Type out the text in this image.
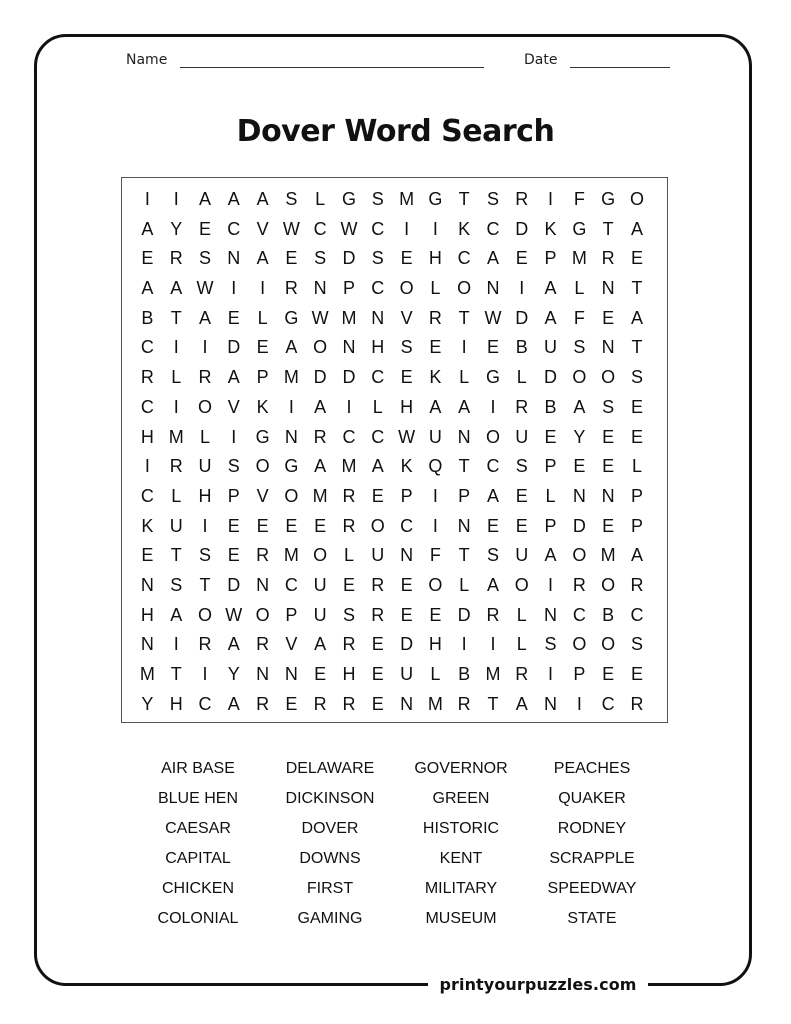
printyourpuzzles.com
Name	Date
Dover Word Search
I	I	A A A S L G S M G T S R	I	F G O
A Y E C V W C W C	I	I	K C D K G T A
E R S N A E S D S E H C A E P M R E
A A W I	I	R N P C O L O N	I	A L N T
B T A E L G W M N V R T W D A F E A
C	I	I	D E A O N H S E	I	E B U S N T
R L R A P M D D C E K L G L D O O S
C	I	O V K	I	A	I	L H A A	I	R B A S E
H M L	I	G N R C C W U N O U E Y E E
I	R U S O G A M A K Q T C S P E E L
C L H P V O M R E P	I	P A E L N N P
K U	I	E E E E R O C	I	N E E P D E P
E T S E R M O L U N F T S U A O M A
N S T D N C U E R E O L A O	I	R O R
H A O W O P U S R E E D R L N C B C
N	I	R A R V A R E D H	I	I	L S O O S
M T	I	Y N N E H E U L B M R	I	P E E
Y H C A R E R R E N M R T A N	I	C R
AIR BASE	DELAWARE	GOVERNOR	PEACHES
BLUE HEN	DICKINSON	GREEN	QUAKER
CAESAR	DOVER	HISTORIC	RODNEY
CAPITAL	DOWNS	KENT	SCRAPPLE
CHICKEN	FIRST	MILITARY	SPEEDWAY
COLONIAL	GAMING	MUSEUM	STATE
